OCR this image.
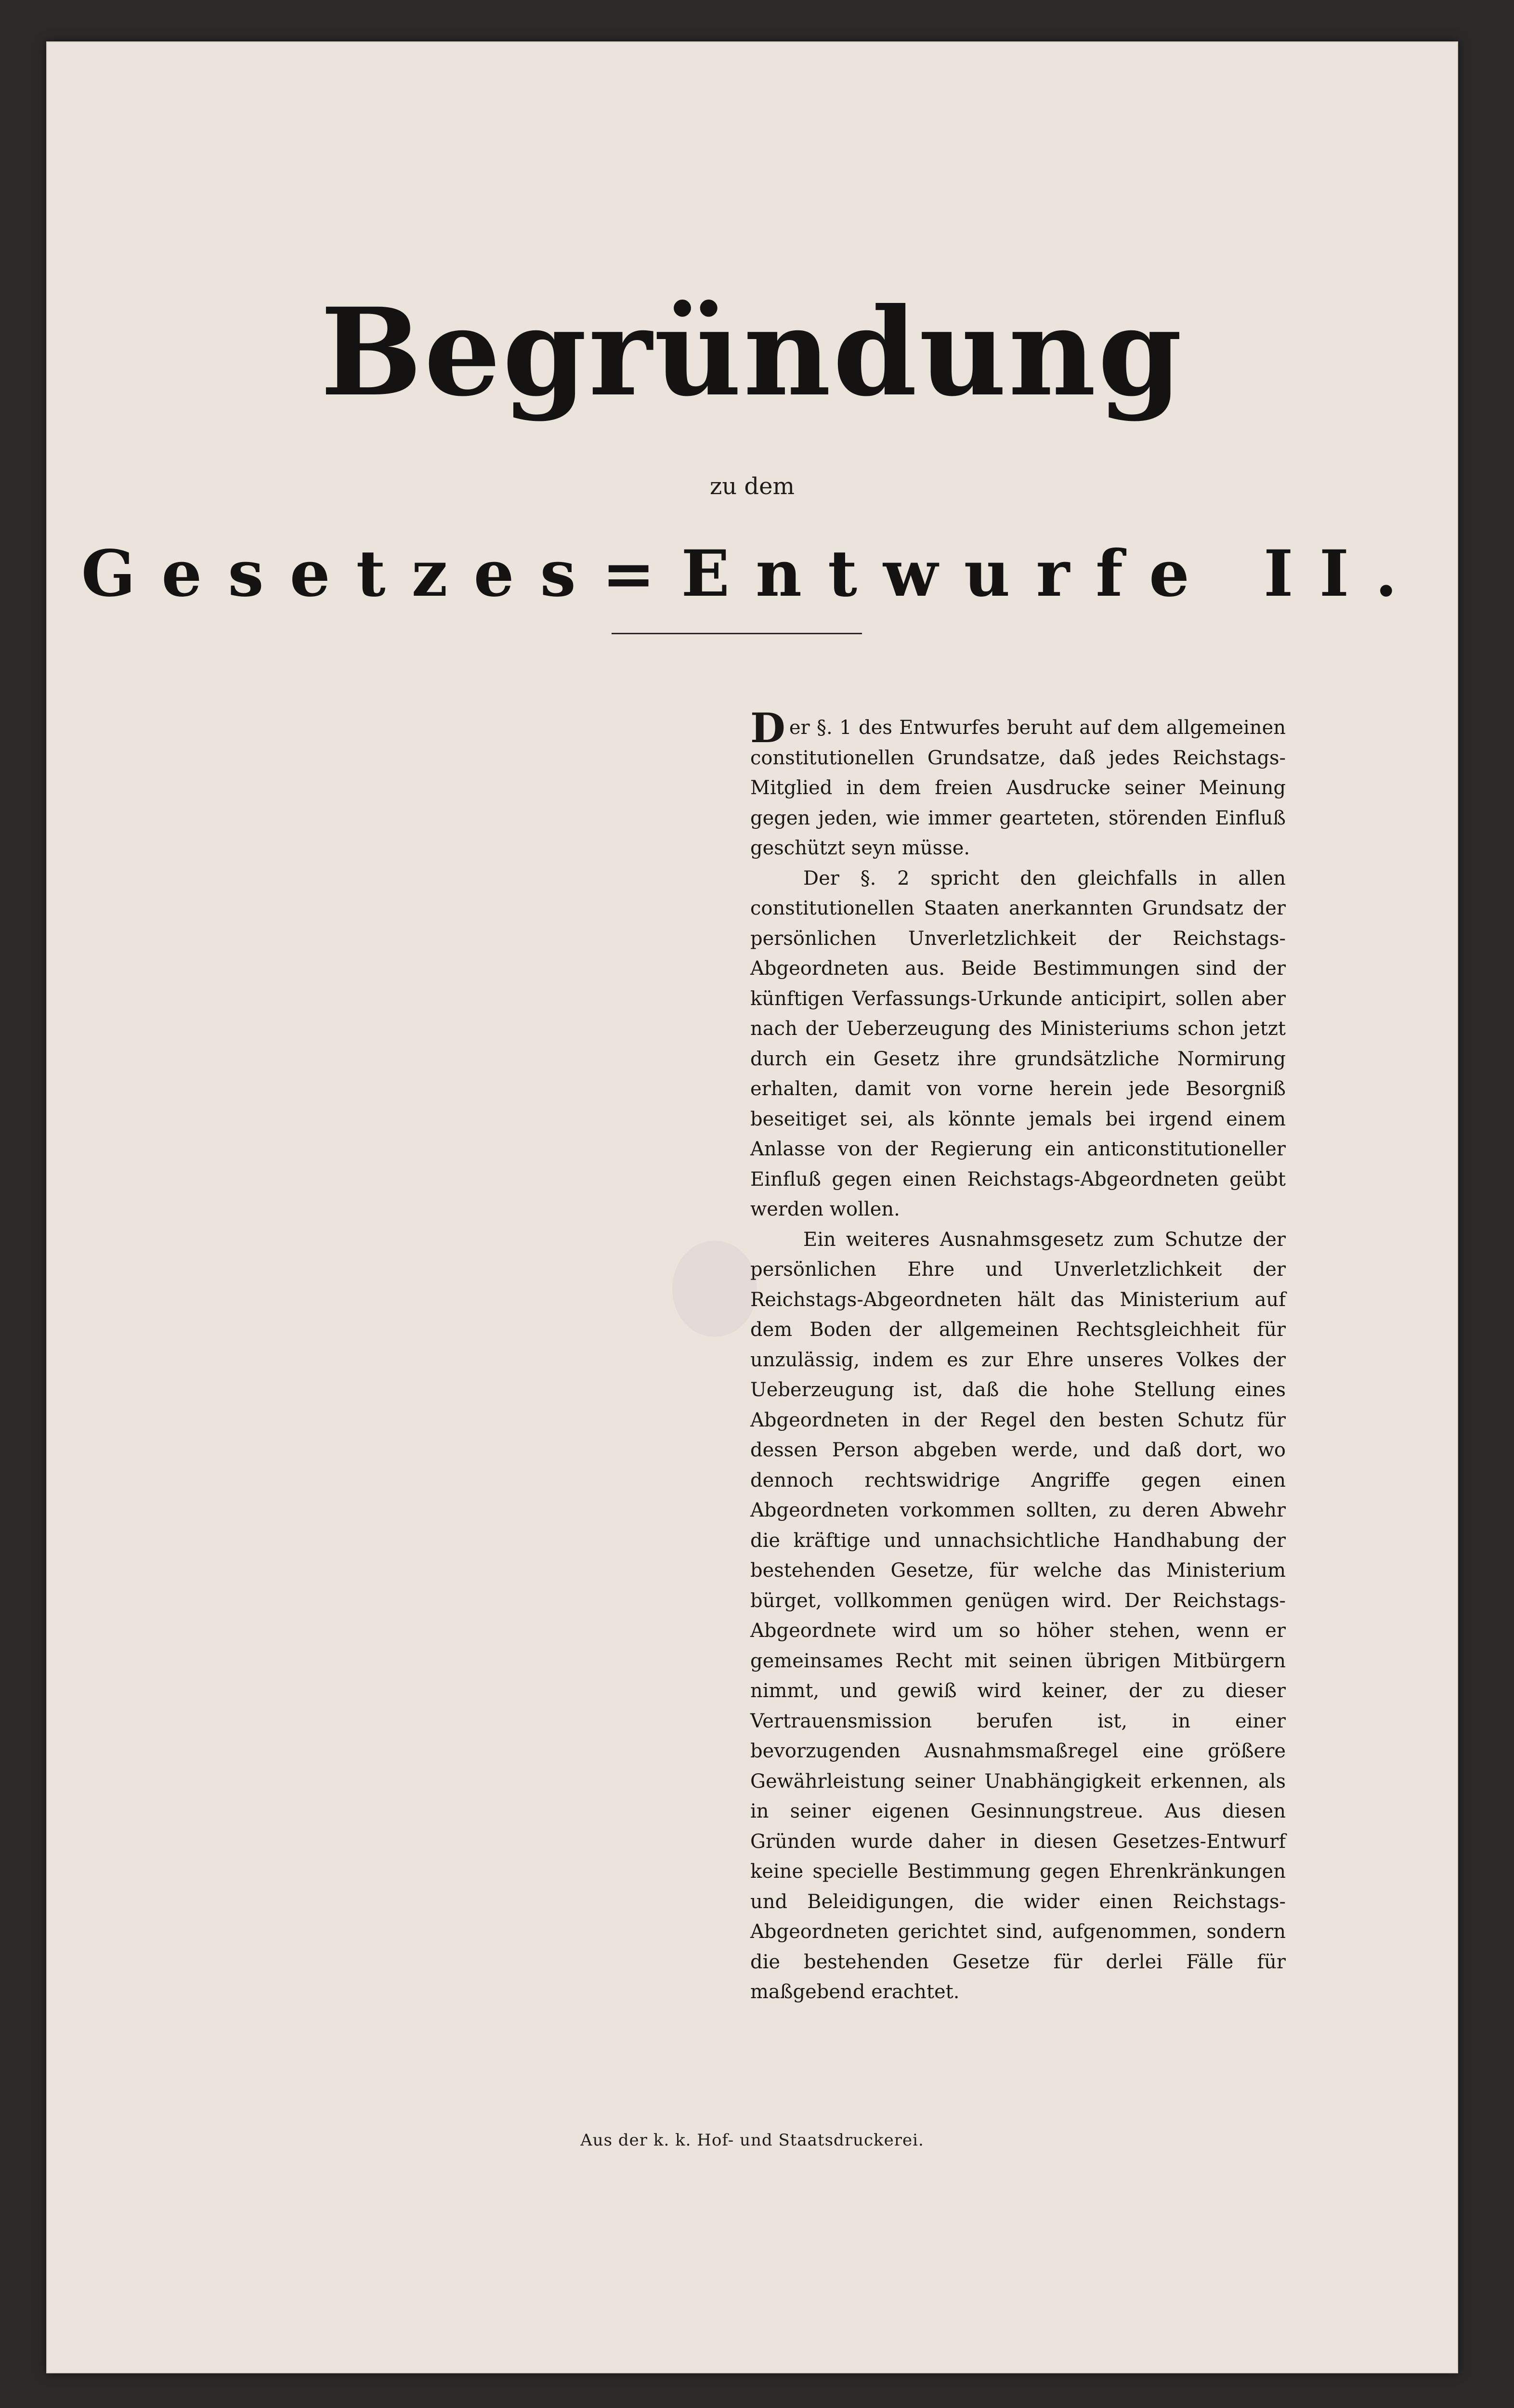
Begründung
zu dem
Gesetzes=Entwurfe II.

Der §. 1 des Entwurfes beruht auf dem allgemeinen constitutionellen Grundsatze, daß jedes Reichstags-Mitglied in dem freien Ausdrucke seiner Meinung gegen jeden, wie immer gearteten, störenden Einfluß geschützt seyn müsse.

Der §. 2 spricht den gleichfalls in allen constitutionellen Staaten anerkannten Grundsatz der persönlichen Unverletzlichkeit der Reichstags-Abgeordneten aus. Beide Bestimmungen sind der künftigen Verfassungs-Urkunde anticipirt, sollen aber nach der Ueberzeugung des Ministeriums schon jetzt durch ein Gesetz ihre grundsätzliche Normirung erhalten, damit von vorne herein jede Besorgniß beseitiget sei, als könnte jemals bei irgend einem Anlasse von der Regierung ein anticonstitutioneller Einfluß gegen einen Reichstags-Abgeordneten geübt werden wollen.

Ein weiteres Ausnahmsgesetz zum Schutze der persönlichen Ehre und Unverletzlichkeit der Reichstags-Abgeordneten hält das Ministerium auf dem Boden der allgemeinen Rechtsgleichheit für unzulässig, indem es zur Ehre unseres Volkes der Ueberzeugung ist, daß die hohe Stellung eines Abgeordneten in der Regel den besten Schutz für dessen Person abgeben werde, und daß dort, wo dennoch rechtswidrige Angriffe gegen einen Abgeordneten vorkommen sollten, zu deren Abwehr die kräftige und unnachsichtliche Handhabung der bestehenden Gesetze, für welche das Ministerium bürget, vollkommen genügen wird. Der Reichstags-Abgeordnete wird um so höher stehen, wenn er gemeinsames Recht mit seinen übrigen Mitbürgern nimmt, und gewiß wird keiner, der zu dieser Vertrauensmission berufen ist, in einer bevorzugenden Ausnahmsmaßregel eine größere Gewährleistung seiner Unabhängigkeit erkennen, als in seiner eigenen Gesinnungstreue. Aus diesen Gründen wurde daher in diesen Gesetzes-Entwurf keine specielle Bestimmung gegen Ehrenkränkungen und Beleidigungen, die wider einen Reichstags-Abgeordneten gerichtet sind, aufgenommen, sondern die bestehenden Gesetze für derlei Fälle für maßgebend erachtet.

Aus der k. k. Hof- und Staatsdruckerei.
